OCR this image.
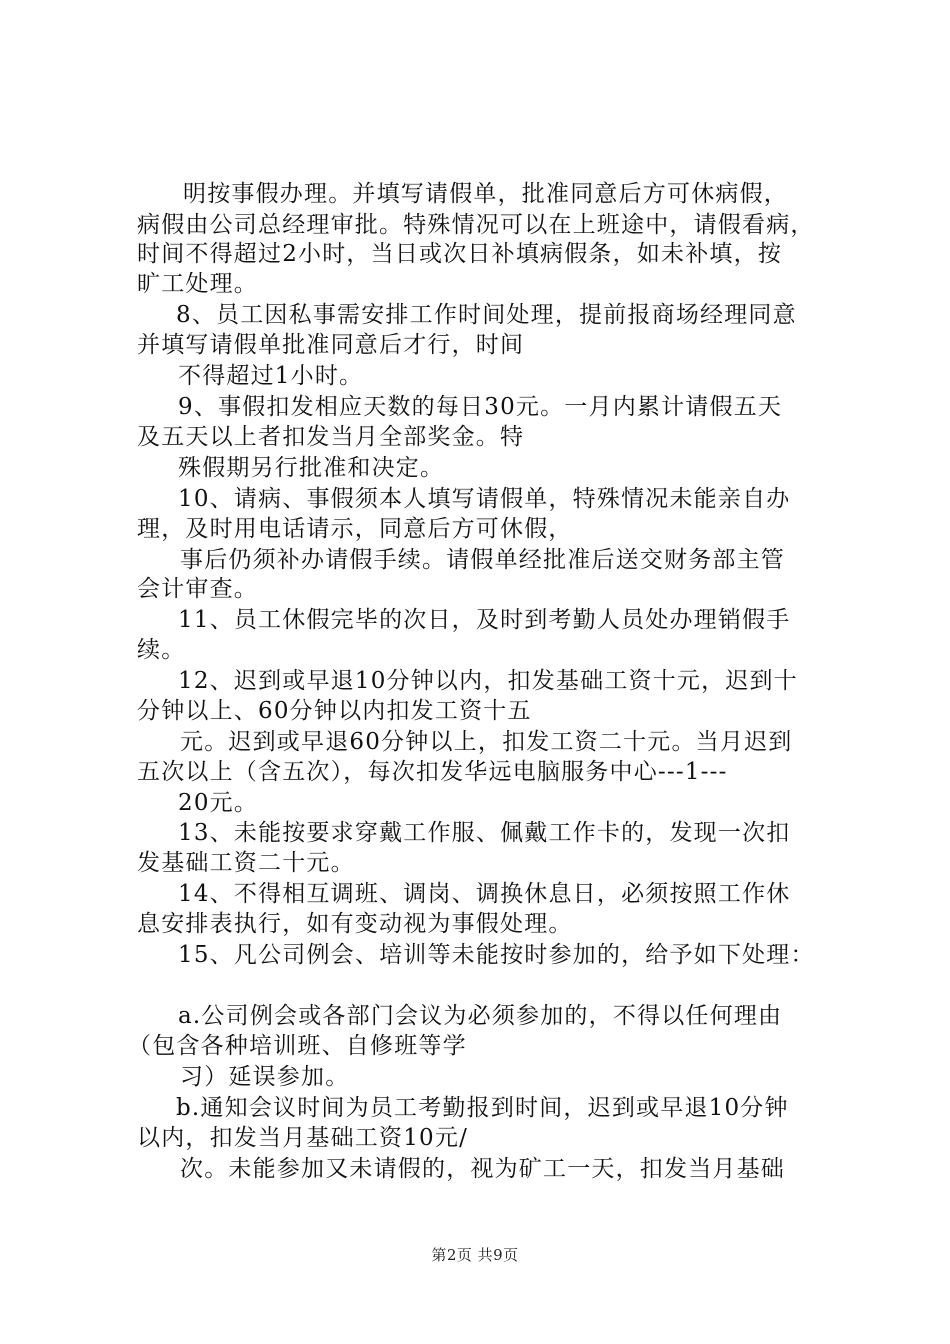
明按事假办理。并填写请假单，批准同意后方可休病假，
病假由公司总经理审批。特殊情况可以在上班途中，请假看病，
时间不得超过2小时，当日或次日补填病假条，如未补填，按
旷工处理。
8、员工因私事需安排工作时间处理，提前报商场经理同意
并填写请假单批准同意后才行，时间
不得超过1小时。
9、事假扣发相应天数的每日30元。一月内累计请假五天
及五天以上者扣发当月全部奖金。特
殊假期另行批准和决定。
10、请病、事假须本人填写请假单，特殊情况未能亲自办
理，及时用电话请示，同意后方可休假，
事后仍须补办请假手续。请假单经批准后送交财务部主管
会计审查。
11、员工休假完毕的次日，及时到考勤人员处办理销假手
续。
12、迟到或早退10分钟以内，扣发基础工资十元，迟到十
分钟以上、60分钟以内扣发工资十五
元。迟到或早退60分钟以上，扣发工资二十元。当月迟到
五次以上（含五次），每次扣发华远电脑服务中心---1---
20元。
13、未能按要求穿戴工作服、佩戴工作卡的，发现一次扣
发基础工资二十元。
14、不得相互调班、调岗、调换休息日，必须按照工作休
息安排表执行，如有变动视为事假处理。
15、凡公司例会、培训等未能按时参加的，给予如下处理：
a.公司例会或各部门会议为必须参加的，不得以任何理由
（包含各种培训班、自修班等学
习）延误参加。
b.通知会议时间为员工考勤报到时间，迟到或早退10分钟
以内，扣发当月基础工资10元/
次。未能参加又未请假的，视为矿工一天，扣发当月基础
第2页 共9页
